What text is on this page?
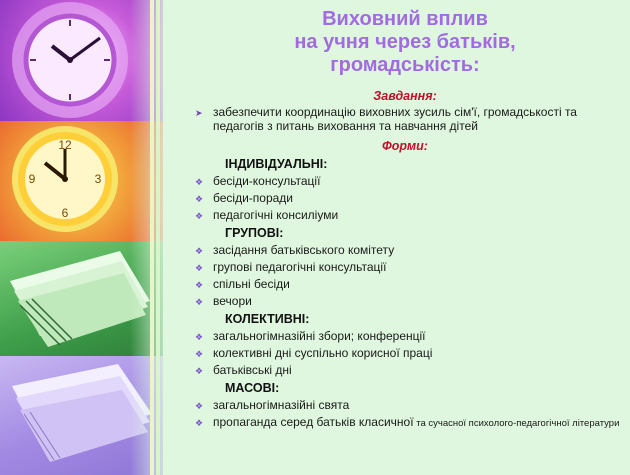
12
3
6
9
Виховний вплив
на учня через батьків,
громадськість:
Завдання:
➤ забезпечити координацію виховних зусиль сім'ї, громадськості та педагогів з питань виховання та навчання дітей
Форми:
ІНДИВІДУАЛЬНІ:
❖ бесіди-консультації
❖ бесіди-поради
❖ педагогічні консиліуми
ГРУПОВІ:
❖ засідання батьківського комітету
❖ групові педагогічні консультації
❖ спільні бесіди
❖ вечори
КОЛЕКТИВНІ:
❖ загальногімназійні збори; конференції
❖ колективні дні суспільно корисної праці
❖ батьківські дні
МАСОВІ:
❖ загальногімназійні свята
❖ пропаганда серед батьків класичної та сучасної психолого-педагогічної літератури
